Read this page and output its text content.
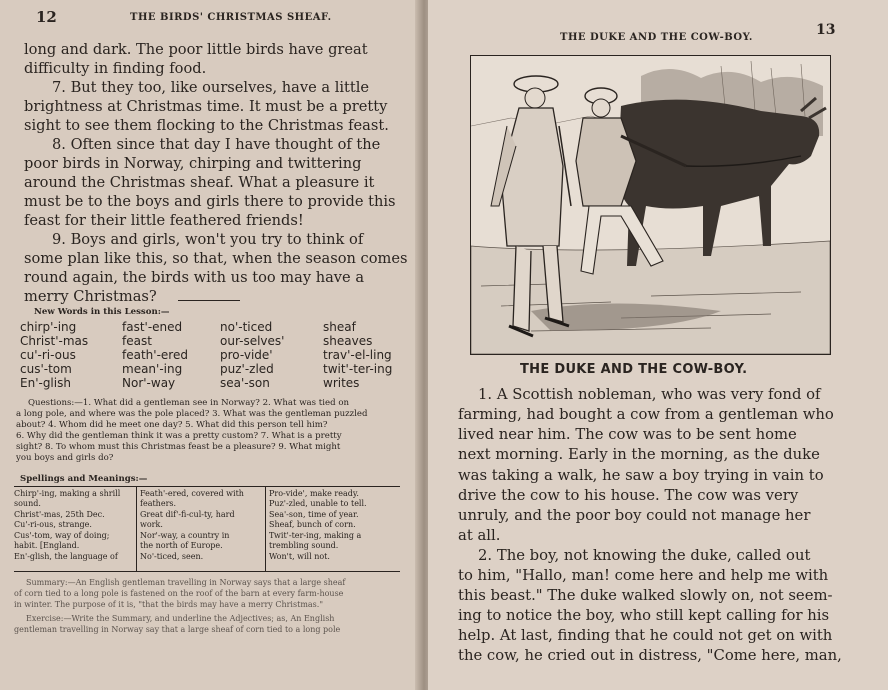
12	THE BIRDS' CHRISTMAS SHEAF.
long and dark. The poor little birds have great
difficulty in finding food.
7. But they too, like ourselves, have a little
brightness at Christmas time. It must be a pretty
sight to see them flocking to the Christmas feast.
8. Often since that day I have thought of the
poor birds in Norway, chirping and twittering
around the Christmas sheaf. What a pleasure it
must be to the boys and girls there to provide this
feast for their little feathered friends!
9. Boys and girls, won't you try to think of
some plan like this, so that, when the season comes
round again, the birds with us too may have a
merry Christmas?
New Words in this Lesson:—
chirp'-ing	fast'-ened	no'-ticed	sheaf
Christ'-mas	feast	our-selves'	sheaves
cu'-ri-ous	feath'-ered	pro-vide'	trav'-el-ling
cus'-tom	mean'-ing	puz'-zled	twit'-ter-ing
En'-glish	Nor'-way	sea'-son	writes
Questions:—1. What did a gentleman see in Norway? 2. What was tied on
a long pole, and where was the pole placed? 3. What was the gentleman puzzled
about? 4. Whom did he meet one day? 5. What did this person tell him?
6. Why did the gentleman think it was a pretty custom? 7. What is a pretty
sight? 8. To whom must this Christmas feast be a pleasure? 9. What might
you boys and girls do?
Spellings and Meanings:—
Chirp'-ing, making a shrill
sound.
Christ'-mas, 25th Dec.
Cu'-ri-ous, strange.
Cus'-tom, way of doing;
habit. [England.
En'-glish, the language of
Feath'-ered, covered with
feathers.
Great dif'-fi-cul-ty, hard
work.
Nor'-way, a country in
the north of Europe.
No'-ticed, seen.
Pro-vide', make ready.
Puz'-zled, unable to tell.
Sea'-son, time of year.
Sheaf, bunch of corn.
Twit'-ter-ing, making a
trembling sound.
Won't, will not.
Summary:—An English gentleman travelling in Norway says that a large sheaf
of corn tied to a long pole is fastened on the roof of the barn at every farm-house
in winter. The purpose of it is, "that the birds may have a merry Christmas."
Exercise:—Write the Summary, and underline the Adjectives; as, An English
gentleman travelling in Norway say that a large sheaf of corn tied to a long pole
THE DUKE AND THE COW-BOY.	13
THE DUKE AND THE COW-BOY.
1. A Scottish nobleman, who was very fond of
farming, had bought a cow from a gentleman who
lived near him. The cow was to be sent home
next morning. Early in the morning, as the duke
was taking a walk, he saw a boy trying in vain to
drive the cow to his house. The cow was very
unruly, and the poor boy could not manage her
at all.
2. The boy, not knowing the duke, called out
to him, "Hallo, man! come here and help me with
this beast." The duke walked slowly on, not seem-
ing to notice the boy, who still kept calling for his
help. At last, finding that he could not get on with
the cow, he cried out in distress, "Come here, man,
